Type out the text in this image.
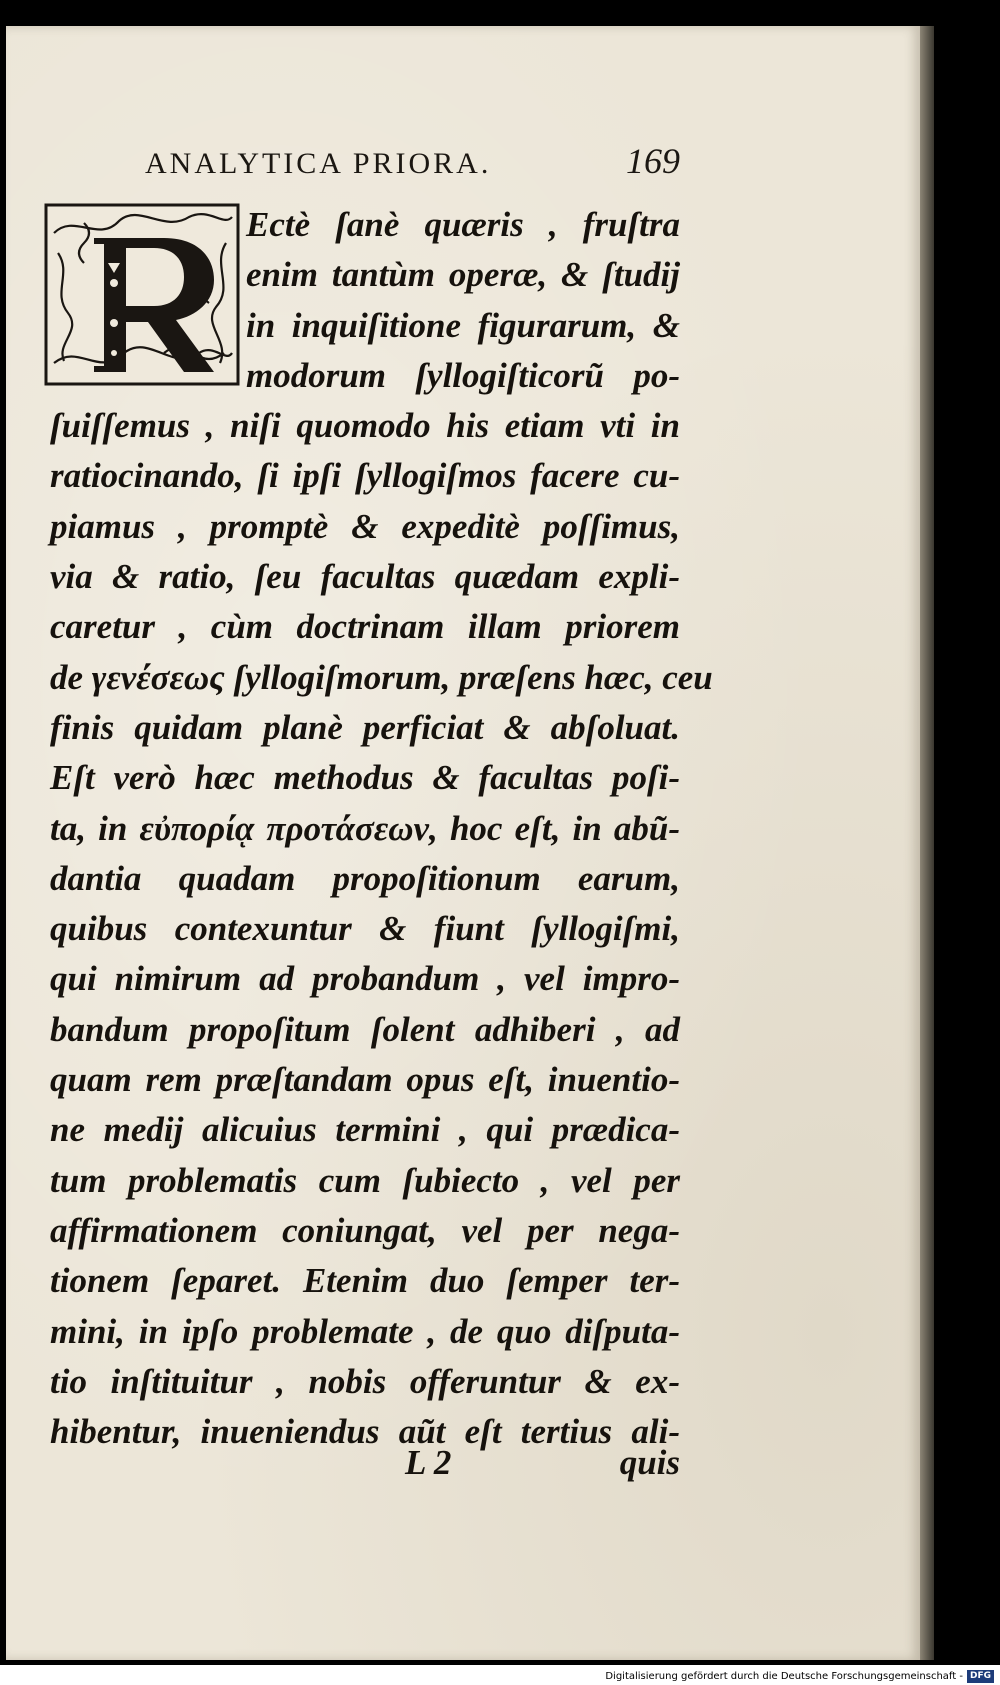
ANALYTICA PRIORA.	169
Ectè ſanè quæris , fruſtra
enim tantùm operæ, & ſtudij
in inquiſitione figurarum, &
modorum ſyllogiſticorũ po-
ſuiſſemus , niſi quomodo his etiam vti in
ratiocinando, ſi ipſi ſyllogiſmos facere cu-
piamus , promptè & expeditè poſſimus,
via & ratio, ſeu facultas quædam expli-
caretur , cùm doctrinam illam priorem
de γενέσεως ſyllogiſmorum, præſens hæc, ceu
finis quidam planè perficiat & abſoluat.
Eſt verò hæc methodus & facultas poſi-
ta, in εὐπορίᾳ προτάσεων, hoc eſt, in abũ-
dantia quadam propoſitionum earum,
quibus contexuntur & fiunt ſyllogiſmi,
qui nimirum ad probandum , vel impro-
bandum propoſitum ſolent adhiberi , ad
quam rem præſtandam opus eſt, inuentio-
ne medij alicuius termini , qui prædica-
tum problematis cum ſubiecto , vel per
affirmationem coniungat, vel per nega-
tionem ſeparet. Etenim duo ſemper ter-
mini, in ipſo problemate , de quo diſputa-
tio inſtituitur , nobis offeruntur & ex-
hibentur, inueniendus aũt eſt tertius ali-
L 2	quis
Digitalisierung gefördert durch die Deutsche Forschungsgemeinschaft - DFG
